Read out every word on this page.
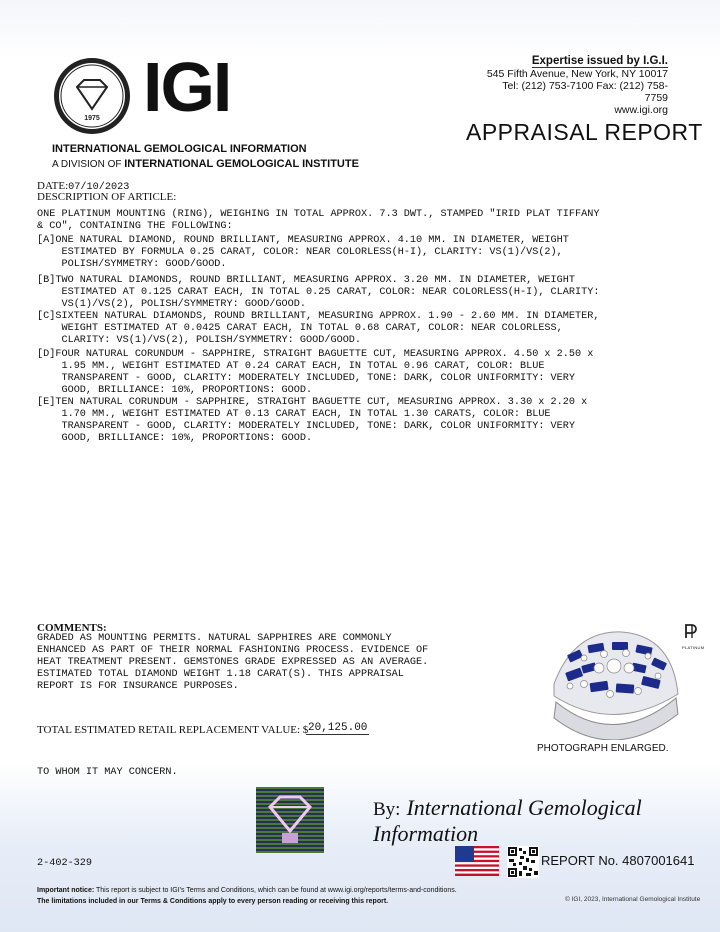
1975 IGI	Expertise issued by I.G.I.
545 Fifth Avenue, New York, NY 10017
Tel: (212) 753-7100 Fax: (212) 758-7759
www.igi.org
APPRAISAL REPORT
INTERNATIONAL GEMOLOGICAL INFORMATION
A DIVISION OF INTERNATIONAL GEMOLOGICAL INSTITUTE
DATE:07/10/2023
DESCRIPTION OF ARTICLE:
ONE PLATINUM MOUNTING (RING), WEIGHING IN TOTAL APPROX. 7.3 DWT., STAMPED "IRID PLAT TIFFANY
& CO", CONTAINING THE FOLLOWING:
[A]ONE NATURAL DIAMOND, ROUND BRILLIANT, MEASURING APPROX. 4.10 MM. IN DIAMETER, WEIGHT
ESTIMATED BY FORMULA 0.25 CARAT, COLOR: NEAR COLORLESS(H-I), CLARITY: VS(1)/VS(2),
POLISH/SYMMETRY: GOOD/GOOD.
[B]TWO NATURAL DIAMONDS, ROUND BRILLIANT, MEASURING APPROX. 3.20 MM. IN DIAMETER, WEIGHT
ESTIMATED AT 0.125 CARAT EACH, IN TOTAL 0.25 CARAT, COLOR: NEAR COLORLESS(H-I), CLARITY:
VS(1)/VS(2), POLISH/SYMMETRY: GOOD/GOOD.
[C]SIXTEEN NATURAL DIAMONDS, ROUND BRILLIANT, MEASURING APPROX. 1.90 - 2.60 MM. IN DIAMETER,
WEIGHT ESTIMATED AT 0.0425 CARAT EACH, IN TOTAL 0.68 CARAT, COLOR: NEAR COLORLESS,
CLARITY: VS(1)/VS(2), POLISH/SYMMETRY: GOOD/GOOD.
[D]FOUR NATURAL CORUNDUM - SAPPHIRE, STRAIGHT BAGUETTE CUT, MEASURING APPROX. 4.50 x 2.50 x
1.95 MM., WEIGHT ESTIMATED AT 0.24 CARAT EACH, IN TOTAL 0.96 CARAT, COLOR: BLUE
TRANSPARENT - GOOD, CLARITY: MODERATELY INCLUDED, TONE: DARK, COLOR UNIFORMITY: VERY
GOOD, BRILLIANCE: 10%, PROPORTIONS: GOOD.
[E]TEN NATURAL CORUNDUM - SAPPHIRE, STRAIGHT BAGUETTE CUT, MEASURING APPROX. 3.30 x 2.20 x
1.70 MM., WEIGHT ESTIMATED AT 0.13 CARAT EACH, IN TOTAL 1.30 CARATS, COLOR: BLUE
TRANSPARENT - GOOD, CLARITY: MODERATELY INCLUDED, TONE: DARK, COLOR UNIFORMITY: VERY
GOOD, BRILLIANCE: 10%, PROPORTIONS: GOOD.
COMMENTS:
GRADED AS MOUNTING PERMITS. NATURAL SAPPHIRES ARE COMMONLY
ENHANCED AS PART OF THEIR NORMAL FASHIONING PROCESS. EVIDENCE OF
HEAT TREATMENT PRESENT. GEMSTONES GRADE EXPRESSED AS AN AVERAGE.
ESTIMATED TOTAL DIAMOND WEIGHT 1.18 CARAT(S). THIS APPRAISAL
REPORT IS FOR INSURANCE PURPOSES.
TOTAL ESTIMATED RETAIL REPLACEMENT VALUE: $ 20,125.00
TO WHOM IT MAY CONCERN.
PLATINUM
PHOTOGRAPH ENLARGED.
By: International Gemological Information
2-402-329	REPORT No. 4807001641
Important notice: This report is subject to IGI's Terms and Conditions, which can be found at www.igi.org/reports/terms-and-conditions.
The limitations included in our Terms & Conditions apply to every person reading or receiving this report.	© IGI, 2023, International Gemological Institute
